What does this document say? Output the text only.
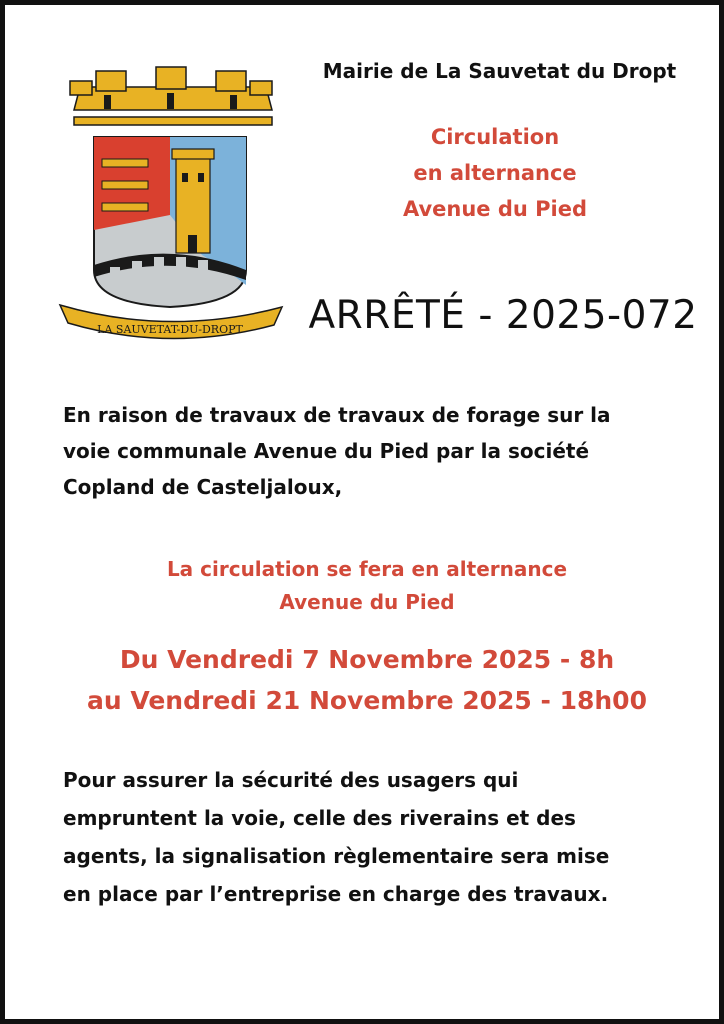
LA SAUVETAT-DU-DROPT
Mairie de La Sauvetat du Dropt
Circulation
en alternance
Avenue du Pied
ARRÊTÉ - 2025-072
En raison de travaux de travaux de forage sur la
voie communale Avenue du Pied par la société
Copland de Casteljaloux,
La circulation se fera en alternance
Avenue du Pied
Du Vendredi 7 Novembre 2025 - 8h
au Vendredi 21 Novembre 2025 - 18h00
Pour assurer la sécurité des usagers qui
empruntent la voie, celle des riverains et des
agents, la signalisation règlementaire sera mise
en place par l’entreprise en charge des travaux.
